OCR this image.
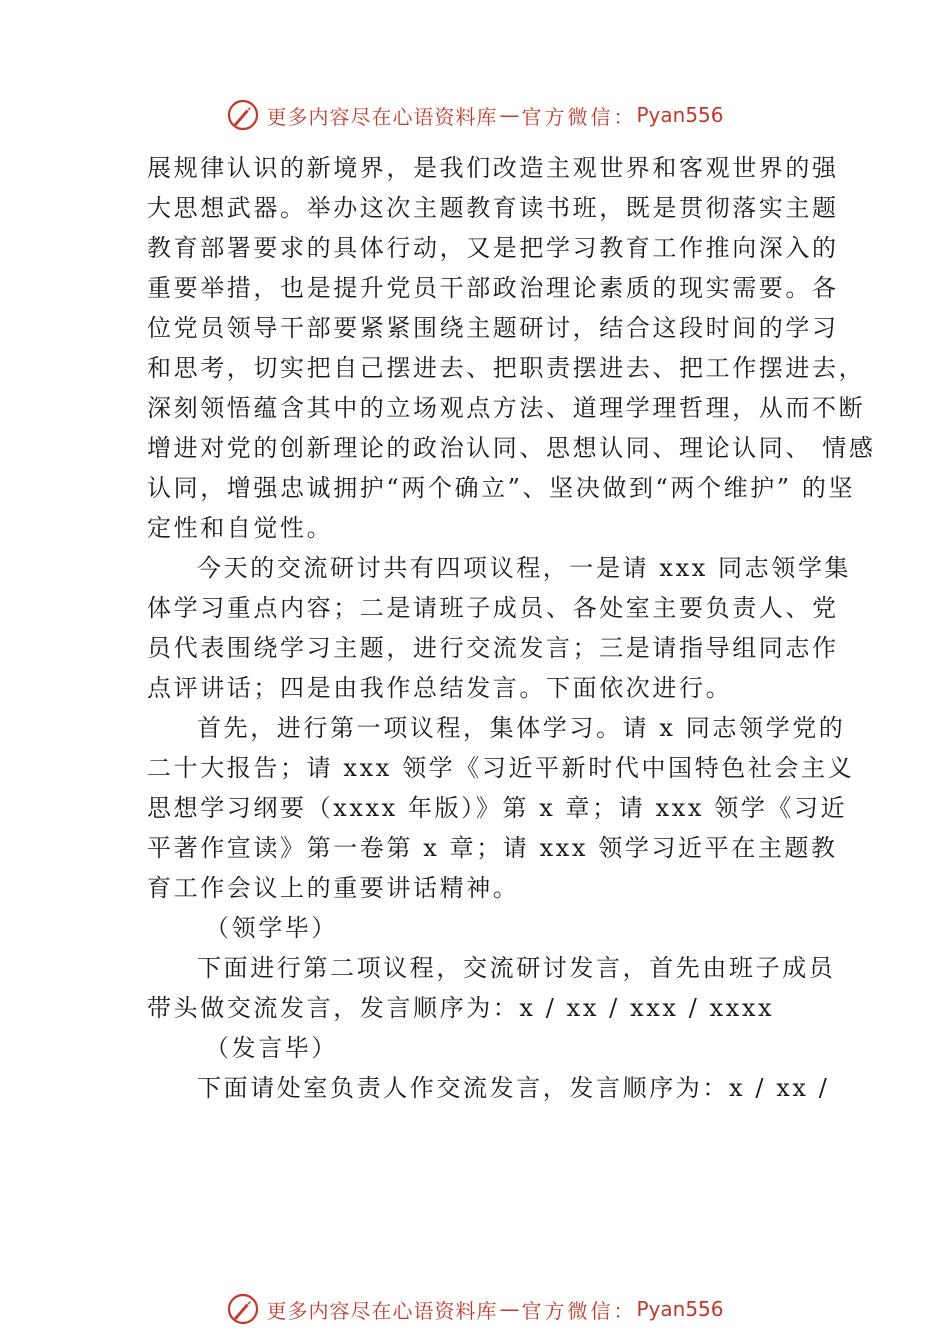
更多内容尽在心语资料库 — 官方微信： Pyan556
展规律认识的新境界，是我们改造主观世界和客观世界的强
大思想武器。举办这次主题教育读书班，既是贯彻落实主题
教育部署要求的具体行动，又是把学习教育工作推向深入的
重要举措，也是提升党员干部政治理论素质的现实需要。各
位党员领导干部要紧紧围绕主题研讨，结合这段时间的学习
和思考，切实把自己摆进去、把职责摆进去、把工作摆进去，
深刻领悟蕴含其中的立场观点方法、道理学理哲理，从而不断
增进对党的创新理论的政治认同、思想认同、理论认同、 情感
认同，增强忠诚拥护“两个确立”、坚决做到“两个维护” 的坚
定性和自觉性。
今天的交流研讨共有四项议程，一是请 xxx 同志领学集
体学习重点内容；二是请班子成员、各处室主要负责人、党
员代表围绕学习主题，进行交流发言；三是请指导组同志作
点评讲话；四是由我作总结发言。下面依次进行。
首先，进行第一项议程，集体学习。请 x 同志领学党的
二十大报告；请 xxx 领学《习近平新时代中国特色社会主义
思想学习纲要（xxxx 年版）》第 x 章；请 xxx 领学《习近
平著作宣读》第一卷第 x 章；请 xxx 领学习近平在主题教
育工作会议上的重要讲话精神。
（领学毕）
下面进行第二项议程，交流研讨发言，首先由班子成员
带头做交流发言，发言顺序为：x / xx / xxx / xxxx
（发言毕）
下面请处室负责人作交流发言，发言顺序为：x / xx /
更多内容尽在心语资料库 — 官方微信： Pyan556
